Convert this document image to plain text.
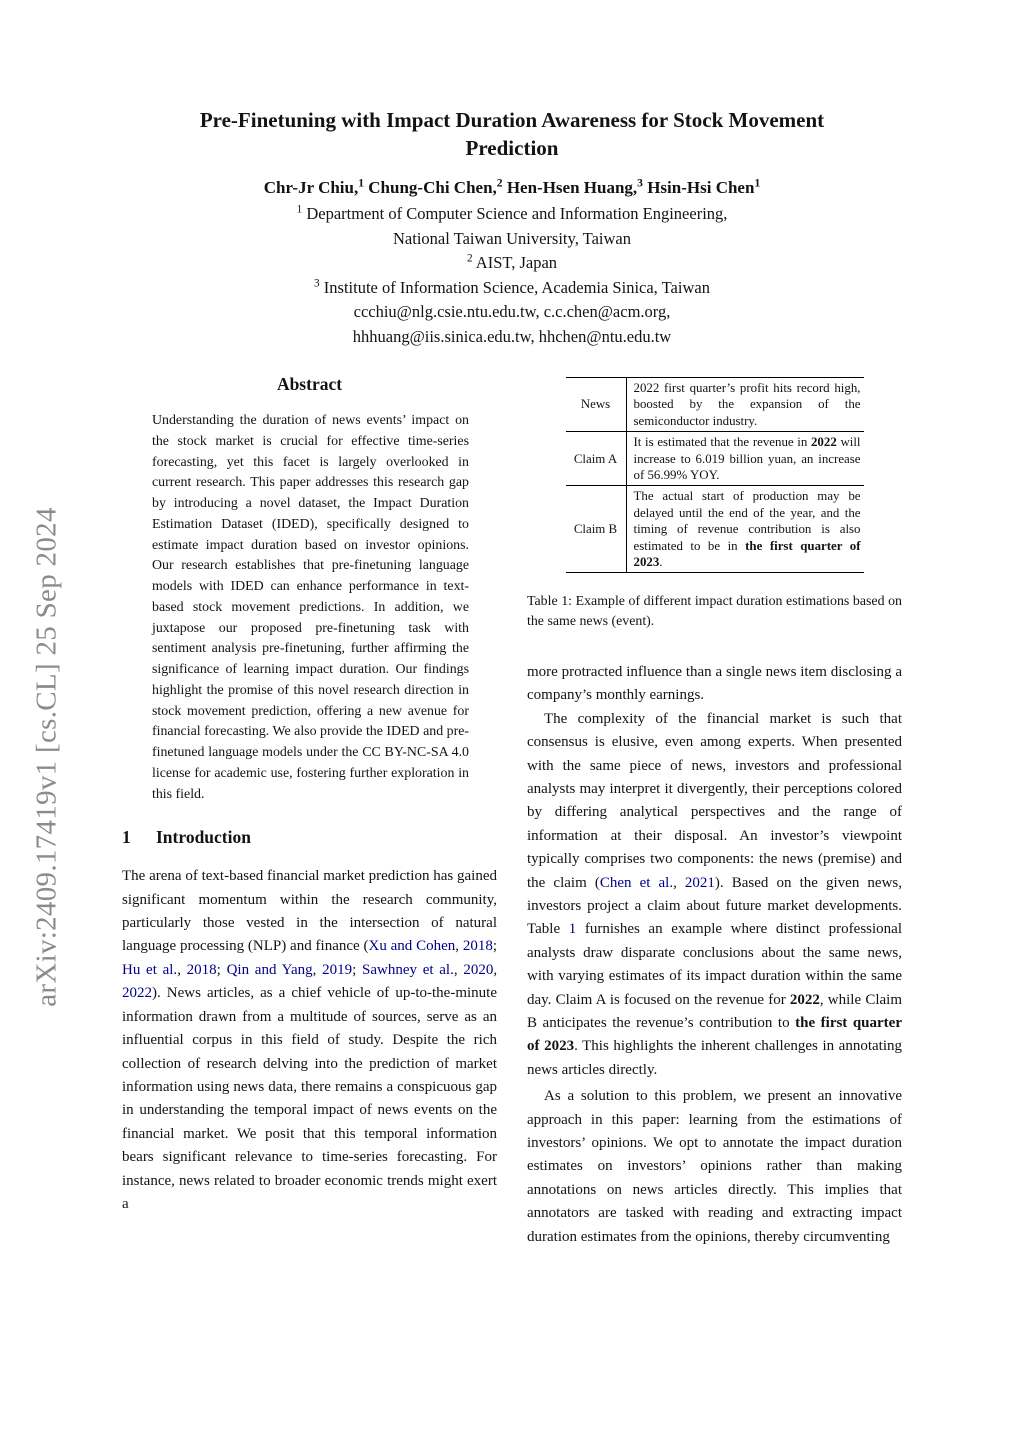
arXiv:2409.17419v1 [cs.CL] 25 Sep 2024
Pre-Finetuning with Impact Duration Awareness for Stock Movement
Prediction
Chr-Jr Chiu,$^1$ Chung-Chi Chen,$^2$ Hen-Hsen Huang,$^3$ Hsin-Hsi Chen$^1$
$^1$ Department of Computer Science and Information Engineering,
National Taiwan University, Taiwan
$^2$ AIST, Japan
$^3$ Institute of Information Science, Academia Sinica, Taiwan
ccchiu@nlg.csie.ntu.edu.tw, c.c.chen@acm.org,
hhhuang@iis.sinica.edu.tw, hhchen@ntu.edu.tw
Abstract

Understanding the duration of news events’ impact on the stock market is crucial for effective time-series forecasting, yet this facet is largely overlooked in current research. This paper addresses this research gap by introducing a novel dataset, the Impact Duration Estimation Dataset (IDED), specifically designed to estimate impact duration based on investor opinions. Our research establishes that pre-finetuning language models with IDED can enhance performance in text-based stock movement predictions. In addition, we juxtapose our proposed pre-finetuning task with sentiment analysis pre-finetuning, further affirming the significance of learning impact duration. Our findings highlight the promise of this novel research direction in stock movement prediction, offering a new avenue for financial forecasting. We also provide the IDED and pre-finetuned language models under the CC BY-NC-SA 4.0 license for academic use, fostering further exploration in this field.

1 Introduction

The arena of text-based financial market prediction has gained significant momentum within the research community, particularly those vested in the intersection of natural language processing (NLP) and finance (Xu and Cohen, 2018; Hu et al., 2018; Qin and Yang, 2019; Sawhney et al., 2020, 2022). News articles, as a chief vehicle of up-to-the-minute information drawn from a multitude of sources, serve as an influential corpus in this field of study. Despite the rich collection of research delving into the prediction of market information using news data, there remains a conspicuous gap in understanding the temporal impact of news events on the financial market. We posit that this temporal information bears significant relevance to time-series forecasting. For instance, news related to broader economic trends might exert a

News	2022 first quarter’s profit hits record high, boosted by the expansion of the semiconductor industry.
Claim A	It is estimated that the revenue in 2022 will increase to 6.019 billion yuan, an increase of 56.99% YOY.
Claim B	The actual start of production may be delayed until the end of the year, and the timing of revenue contribution is also estimated to be in the first quarter of 2023.

Table 1: Example of different impact duration estimations based on the same news (event).

more protracted influence than a single news item disclosing a company’s monthly earnings.

The complexity of the financial market is such that consensus is elusive, even among experts. When presented with the same piece of news, investors and professional analysts may interpret it divergently, their perceptions colored by differing analytical perspectives and the range of information at their disposal. An investor’s viewpoint typically comprises two components: the news (premise) and the claim (Chen et al., 2021). Based on the given news, investors project a claim about future market developments. Table 1 furnishes an example where distinct professional analysts draw disparate conclusions about the same news, with varying estimates of its impact duration within the same day. Claim A is focused on the revenue for 2022, while Claim B anticipates the revenue’s contribution to the first quarter of 2023. This highlights the inherent challenges in annotating news articles directly.

As a solution to this problem, we present an innovative approach in this paper: learning from the estimations of investors’ opinions. We opt to annotate the impact duration estimates on investors’ opinions rather than making annotations on news articles directly. This implies that annotators are tasked with reading and extracting impact duration estimates from the opinions, thereby circumventing
